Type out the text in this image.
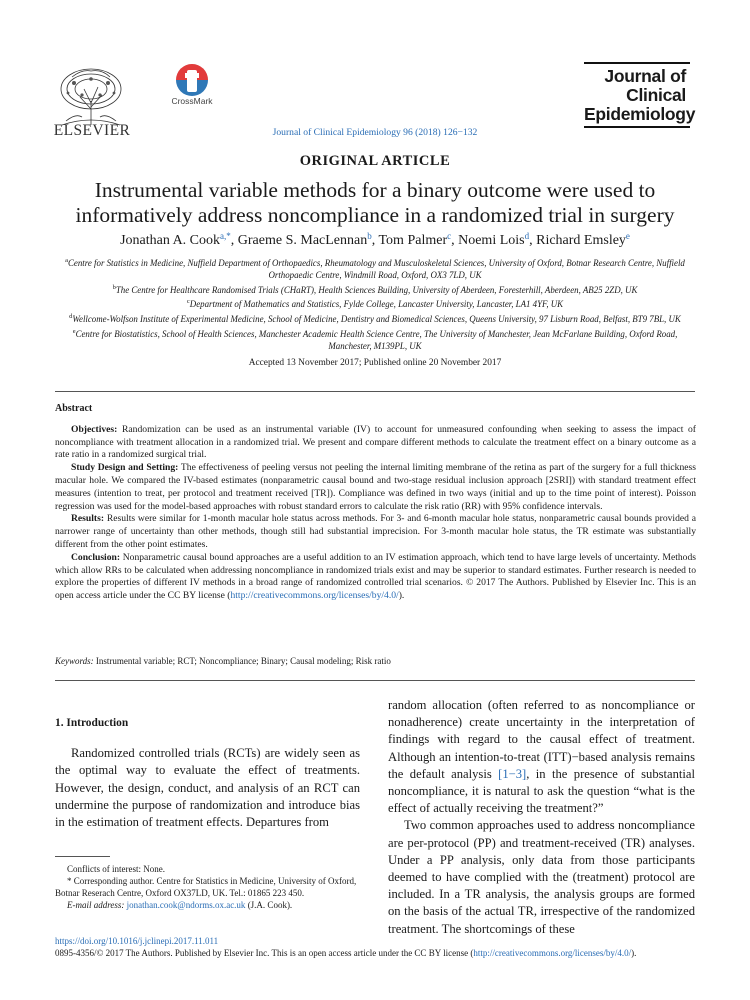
ELSEVIER
CrossMark
Journal of Clinical Epidemiology 96 (2018) 126−132
Journal of
Clinical
Epidemiology
ORIGINAL ARTICLE
Instrumental variable methods for a binary outcome were used to
informatively address noncompliance in a randomized trial in surgery
Jonathan A. Cook$^{a,*}$, Graeme S. MacLennan$^b$, Tom Palmer$^c$, Noemi Lois$^d$, Richard Emsley$^e$
$^a$Centre for Statistics in Medicine, Nuffield Department of Orthopaedics, Rheumatology and Musculoskeletal Sciences, University of Oxford, Botnar Research Centre, Nuffield Orthopaedic Centre, Windmill Road, Oxford, OX3 7LD, UK
$^b$The Centre for Healthcare Randomised Trials (CHaRT), Health Sciences Building, University of Aberdeen, Foresterhill, Aberdeen, AB25 2ZD, UK
$^c$Department of Mathematics and Statistics, Fylde College, Lancaster University, Lancaster, LA1 4YF, UK
$^d$Wellcome-Wolfson Institute of Experimental Medicine, School of Medicine, Dentistry and Biomedical Sciences, Queens University, 97 Lisburn Road, Belfast, BT9 7BL, UK
$^e$Centre for Biostatistics, School of Health Sciences, Manchester Academic Health Science Centre, The University of Manchester, Jean McFarlane Building, Oxford Road, Manchester, M139PL, UK
Accepted 13 November 2017; Published online 20 November 2017
Abstract

Objectives: Randomization can be used as an instrumental variable (IV) to account for unmeasured confounding when seeking to assess the impact of noncompliance with treatment allocation in a randomized trial. We present and compare different methods to calculate the treatment effect on a binary outcome as a rate ratio in a randomized surgical trial.

Study Design and Setting: The effectiveness of peeling versus not peeling the internal limiting membrane of the retina as part of the surgery for a full thickness macular hole. We compared the IV-based estimates (nonparametric causal bound and two-stage residual inclusion approach [2SRI]) with standard treatment effect measures (intention to treat, per protocol and treatment received [TR]). Compliance was defined in two ways (initial and up to the time point of interest). Poisson regression was used for the model-based approaches with robust standard errors to calculate the risk ratio (RR) with 95% confidence intervals.

Results: Results were similar for 1-month macular hole status across methods. For 3- and 6-month macular hole status, nonparametric causal bounds provided a narrower range of uncertainty than other methods, though still had substantial imprecision. For 3-month macular hole status, the TR estimate was substantially different from the other point estimates.

Conclusion: Nonparametric causal bound approaches are a useful addition to an IV estimation approach, which tend to have large levels of uncertainty. Methods which allow RRs to be calculated when addressing noncompliance in randomized trials exist and may be superior to standard estimates. Further research is needed to explore the properties of different IV methods in a broad range of randomized controlled trial scenarios. © 2017 The Authors. Published by Elsevier Inc. This is an open access article under the CC BY license (http://creativecommons.org/licenses/by/4.0/).

Keywords: Instrumental variable; RCT; Noncompliance; Binary; Causal modeling; Risk ratio
1. Introduction

Randomized controlled trials (RCTs) are widely seen as the optimal way to evaluate the effect of treatments. However, the design, conduct, and analysis of an RCT can undermine the purpose of randomization and introduce bias in the estimation of treatment effects. Departures from

Conflicts of interest: None.

* Corresponding author. Centre for Statistics in Medicine, University of Oxford, Botnar Reserach Centre, Oxford OX37LD, UK. Tel.: 01865 223 450.

E-mail address: jonathan.cook@ndorms.ox.ac.uk (J.A. Cook).

random allocation (often referred to as noncompliance or nonadherence) create uncertainty in the interpretation of findings with regard to the causal effect of treatment. Although an intention-to-treat (ITT)−based analysis remains the default analysis [1−3], in the presence of substantial noncompliance, it is natural to ask the question “what is the effect of actually receiving the treatment?”

Two common approaches used to address noncompliance are per-protocol (PP) and treatment-received (TR) analyses. Under a PP analysis, only data from those participants deemed to have complied with the (treatment) protocol are included. In a TR analysis, the analysis groups are formed on the basis of the actual TR, irrespective of the randomized treatment. The shortcomings of these

https://doi.org/10.1016/j.jclinepi.2017.11.011
0895-4356/© 2017 The Authors. Published by Elsevier Inc. This is an open access article under the CC BY license (http://creativecommons.org/licenses/by/4.0/).
